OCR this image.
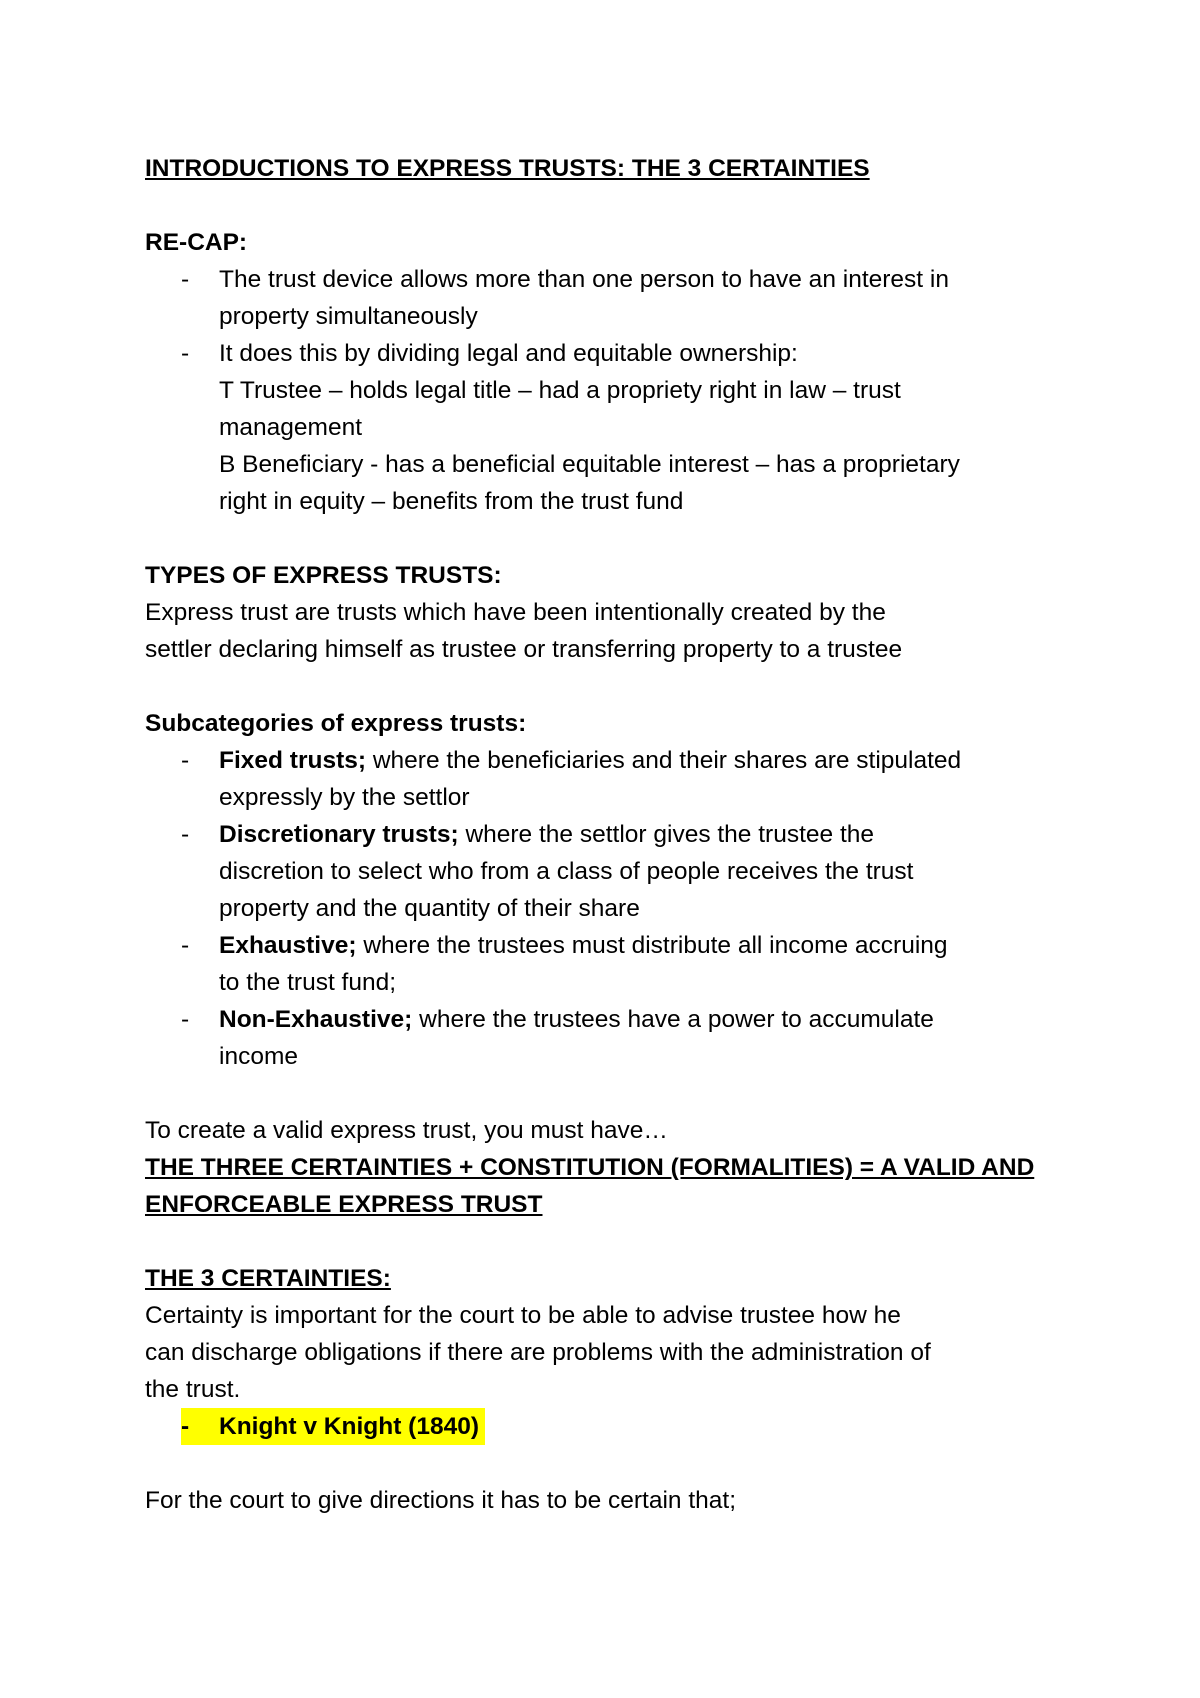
INTRODUCTIONS TO EXPRESS TRUSTS: THE 3 CERTAINTIES
RE-CAP:
- The trust device allows more than one person to have an interest in
property simultaneously
- It does this by dividing legal and equitable ownership:
T Trustee – holds legal title – had a propriety right in law – trust
management
B Beneficiary - has a beneficial equitable interest – has a proprietary
right in equity – benefits from the trust fund
TYPES OF EXPRESS TRUSTS:
Express trust are trusts which have been intentionally created by the
settler declaring himself as trustee or transferring property to a trustee
Subcategories of express trusts:
- Fixed trusts; where the beneficiaries and their shares are stipulated
expressly by the settlor
- Discretionary trusts; where the settlor gives the trustee the
discretion to select who from a class of people receives the trust
property and the quantity of their share
- Exhaustive; where the trustees must distribute all income accruing
to the trust fund;
- Non-Exhaustive; where the trustees have a power to accumulate
income
To create a valid express trust, you must have…
THE THREE CERTAINTIES + CONSTITUTION (FORMALITIES) = A VALID AND
ENFORCEABLE EXPRESS TRUST
THE 3 CERTAINTIES:
Certainty is important for the court to be able to advise trustee how he
can discharge obligations if there are problems with the administration of
the trust.
- Knight v Knight (1840)
For the court to give directions it has to be certain that;
